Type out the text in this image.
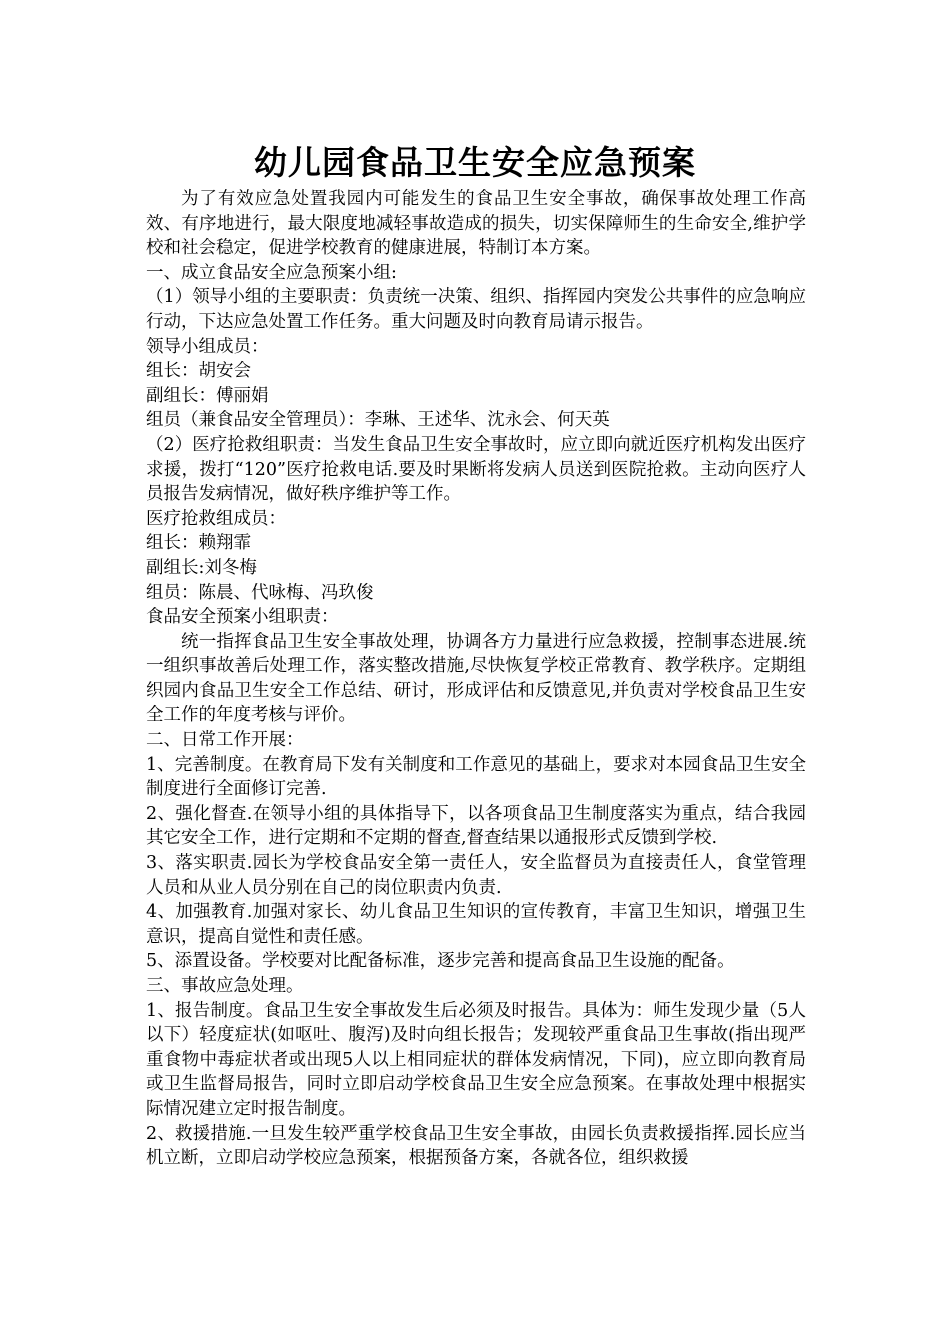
幼儿园食品卫生安全应急预案

为了有效应急处置我园内可能发生的食品卫生安全事故，确保事故处理工作高效、有序地进行，最大限度地减轻事故造成的损失，切实保障师生的生命安全,维护学校和社会稳定，促进学校教育的健康进展，特制订本方案。

一、成立食品安全应急预案小组:

（1）领导小组的主要职责：负责统一决策、组织、指挥园内突发公共事件的应急响应行动，下达应急处置工作任务。重大问题及时向教育局请示报告。

领导小组成员：

组长：胡安会

副组长：傅丽娟

组员（兼食品安全管理员）：李琳、王述华、沈永会、何天英

（2）医疗抢救组职责：当发生食品卫生安全事故时，应立即向就近医疗机构发出医疗求援，拨打“120”医疗抢救电话.要及时果断将发病人员送到医院抢救。主动向医疗人员报告发病情况，做好秩序维护等工作。

医疗抢救组成员：

组长：赖翔霏

副组长:刘冬梅

组员：陈晨、代咏梅、冯玖俊

食品安全预案小组职责：

统一指挥食品卫生安全事故处理，协调各方力量进行应急救援，控制事态进展.统一组织事故善后处理工作，落实整改措施,尽快恢复学校正常教育、教学秩序。定期组织园内食品卫生安全工作总结、研讨，形成评估和反馈意见,并负责对学校食品卫生安全工作的年度考核与评价。

二、日常工作开展：

1、完善制度。在教育局下发有关制度和工作意见的基础上，要求对本园食品卫生安全制度进行全面修订完善.

2、强化督查.在领导小组的具体指导下，以各项食品卫生制度落实为重点，结合我园其它安全工作，进行定期和不定期的督查,督查结果以通报形式反馈到学校.

3、落实职责.园长为学校食品安全第一责任人，安全监督员为直接责任人，食堂管理人员和从业人员分别在自己的岗位职责内负责.

4、加强教育.加强对家长、幼儿食品卫生知识的宣传教育，丰富卫生知识，增强卫生意识，提高自觉性和责任感。

5、添置设备。学校要对比配备标准，逐步完善和提高食品卫生设施的配备。

三、事故应急处理。

1、报告制度。食品卫生安全事故发生后必须及时报告。具体为：师生发现少量（5人以下）轻度症状(如呕吐、腹泻)及时向组长报告；发现较严重食品卫生事故(指出现严重食物中毒症状者或出现5人以上相同症状的群体发病情况，下同)，应立即向教育局或卫生监督局报告，同时立即启动学校食品卫生安全应急预案。在事故处理中根据实际情况建立定时报告制度。

2、救援措施.一旦发生较严重学校食品卫生安全事故，由园长负责救援指挥.园长应当机立断，立即启动学校应急预案，根据预备方案，各就各位，组织救援
